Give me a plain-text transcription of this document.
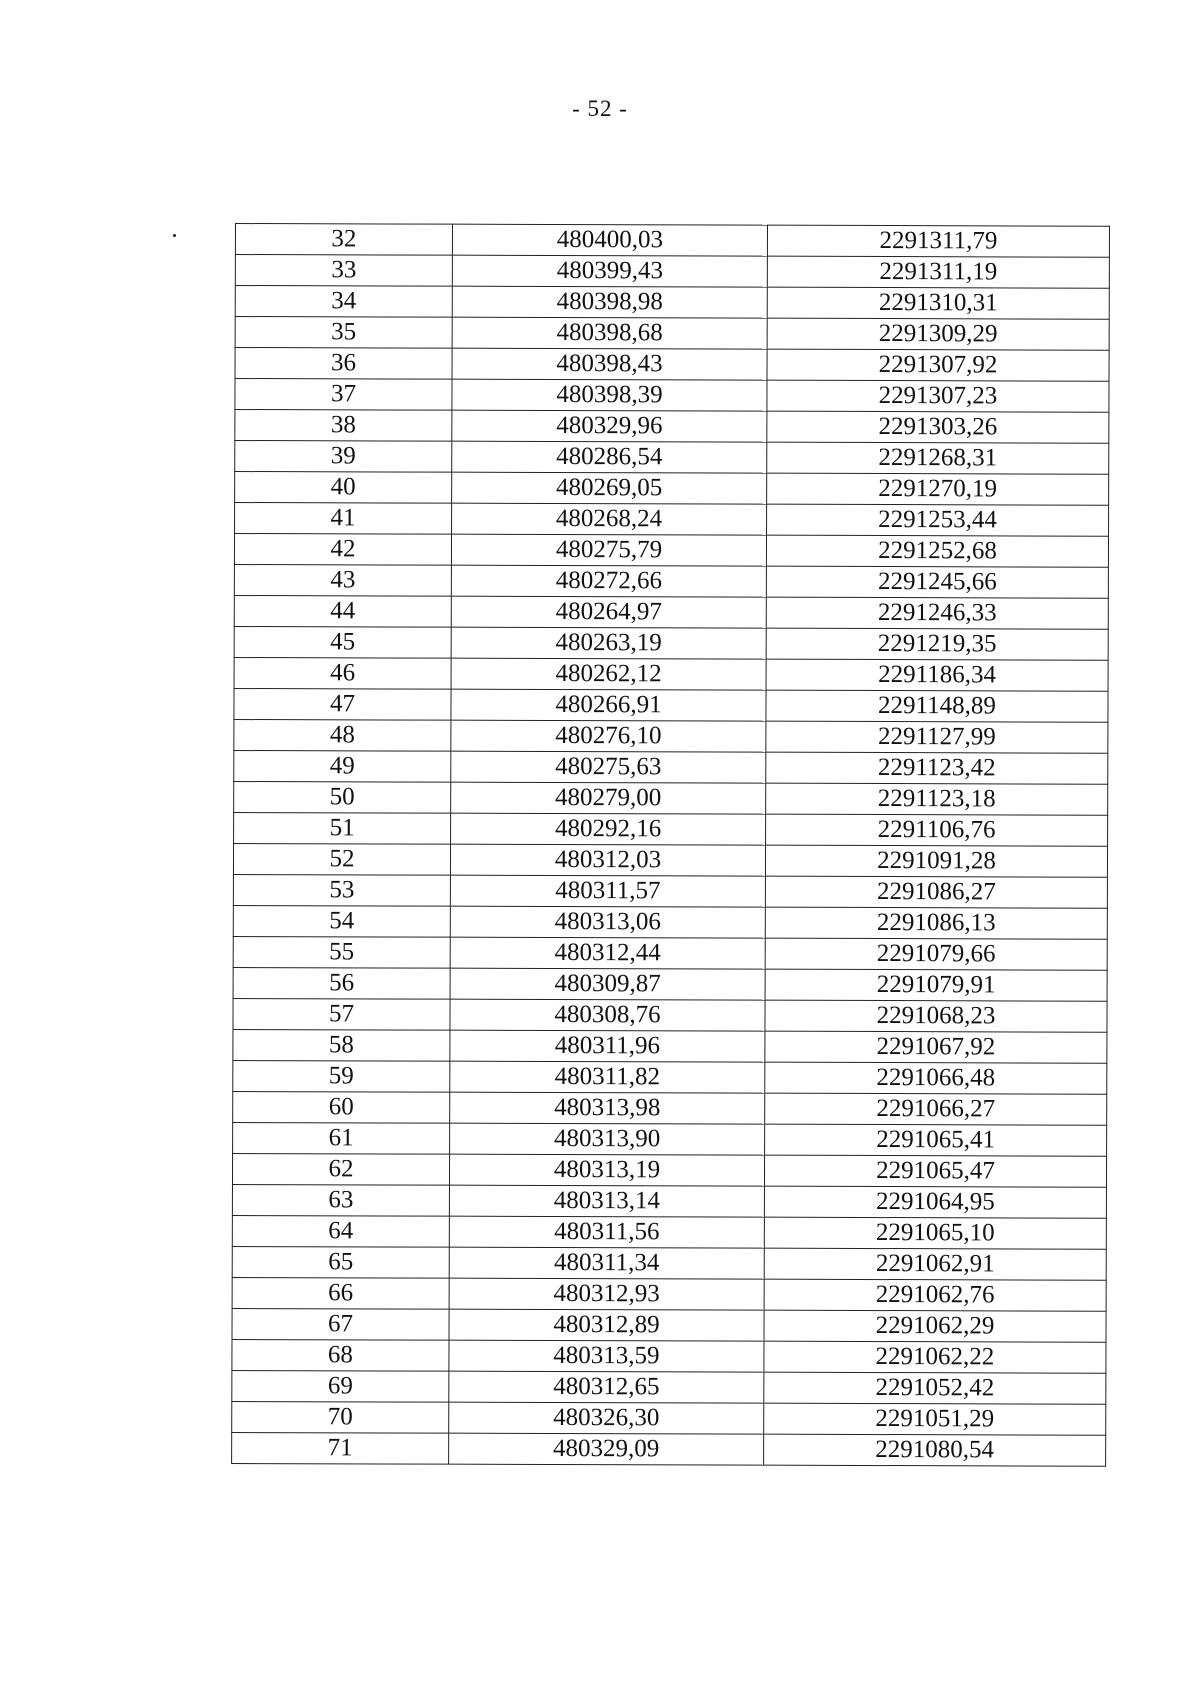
- 52 -
32	480400,03	2291311,79
33	480399,43	2291311,19
34	480398,98	2291310,31
35	480398,68	2291309,29
36	480398,43	2291307,92
37	480398,39	2291307,23
38	480329,96	2291303,26
39	480286,54	2291268,31
40	480269,05	2291270,19
41	480268,24	2291253,44
42	480275,79	2291252,68
43	480272,66	2291245,66
44	480264,97	2291246,33
45	480263,19	2291219,35
46	480262,12	2291186,34
47	480266,91	2291148,89
48	480276,10	2291127,99
49	480275,63	2291123,42
50	480279,00	2291123,18
51	480292,16	2291106,76
52	480312,03	2291091,28
53	480311,57	2291086,27
54	480313,06	2291086,13
55	480312,44	2291079,66
56	480309,87	2291079,91
57	480308,76	2291068,23
58	480311,96	2291067,92
59	480311,82	2291066,48
60	480313,98	2291066,27
61	480313,90	2291065,41
62	480313,19	2291065,47
63	480313,14	2291064,95
64	480311,56	2291065,10
65	480311,34	2291062,91
66	480312,93	2291062,76
67	480312,89	2291062,29
68	480313,59	2291062,22
69	480312,65	2291052,42
70	480326,30	2291051,29
71	480329,09	2291080,54
